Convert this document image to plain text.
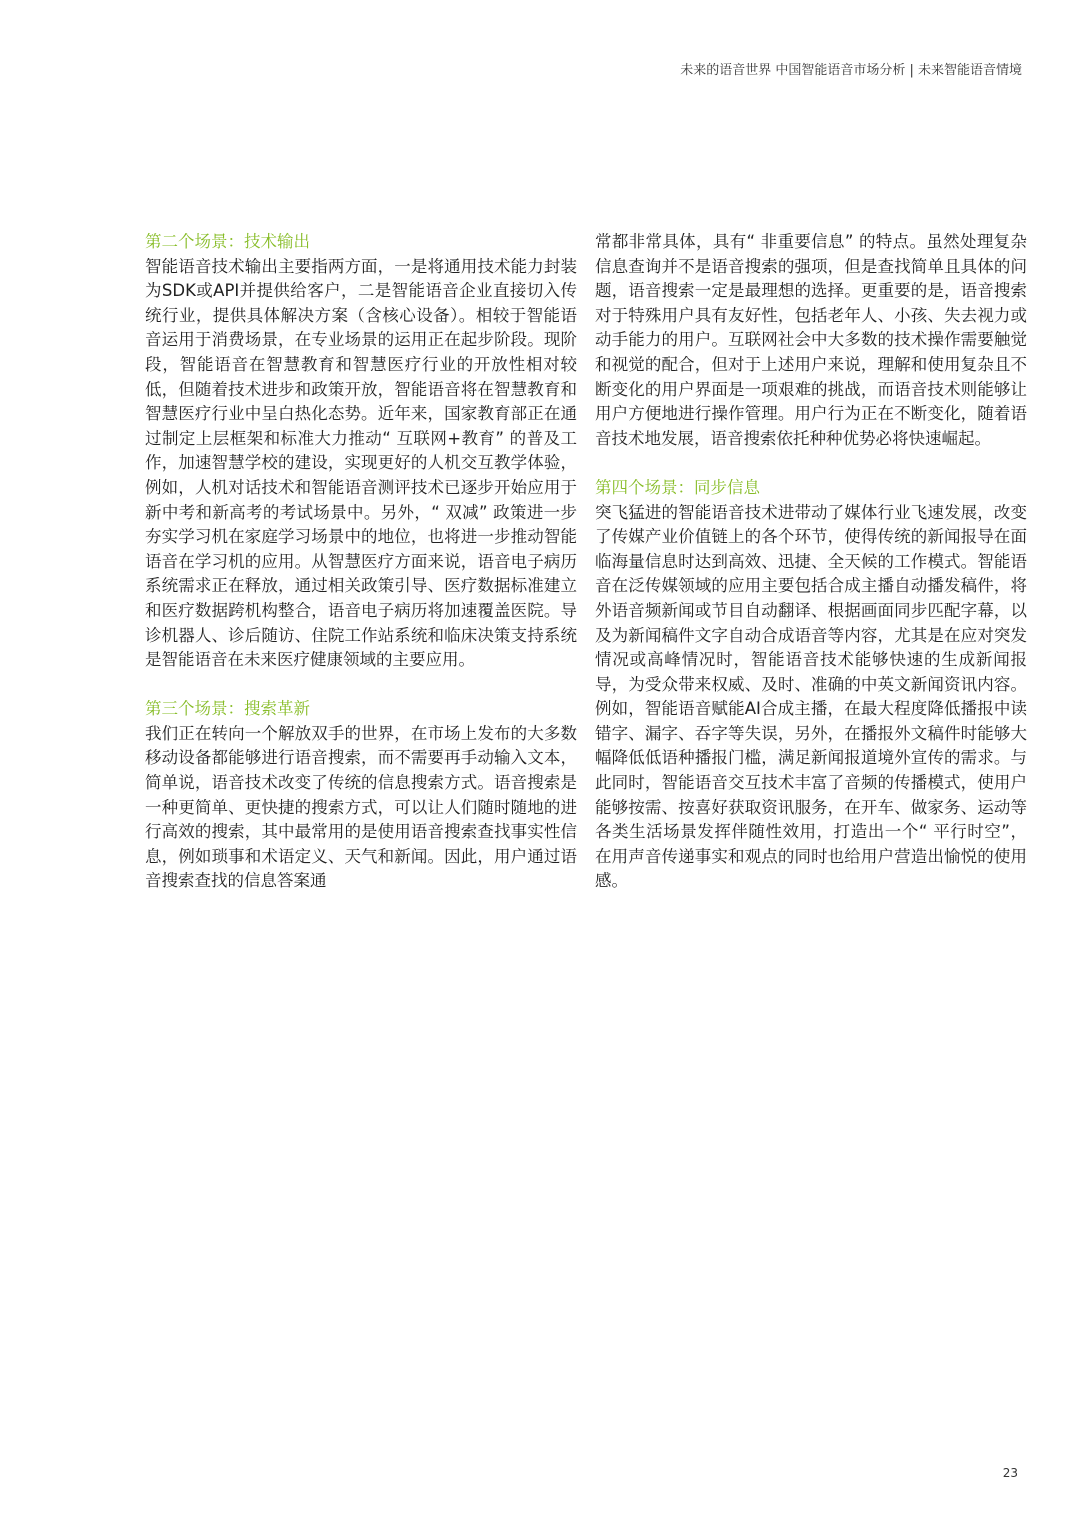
未来的语音世界 中国智能语音市场分析 | 未来智能语音情境

第二个场景：技术输出

智能语音技术输出主要指两方面，一是将通用技术能力封装为SDK或API并提供给客户，二是智能语音企业直接切入传统行业，提供具体解决方案（含核心设备）。相较于智能语音运用于消费场景，在专业场景的运用正在起步阶段。现阶段，智能语音在智慧教育和智慧医疗行业的开放性相对较低，但随着技术进步和政策开放，智能语音将在智慧教育和智慧医疗行业中呈白热化态势。近年来，国家教育部正在通过制定上层框架和标准大力推动“ 互联网+教育” 的普及工作，加速智慧学校的建设，实现更好的人机交互教学体验，例如，人机对话技术和智能语音测评技术已逐步开始应用于新中考和新高考的考试场景中。另外，“ 双减” 政策进一步夯实学习机在家庭学习场景中的地位，也将进一步推动智能语音在学习机的应用。从智慧医疗方面来说，语音电子病历系统需求正在释放，通过相关政策引导、医疗数据标准建立和医疗数据跨机构整合，语音电子病历将加速覆盖医院。导诊机器人、诊后随访、住院工作站系统和临床决策支持系统是智能语音在未来医疗健康领域的主要应用。

第三个场景：搜索革新

我们正在转向一个解放双手的世界，在市场上发布的大多数移动设备都能够进行语音搜索，而不需要再手动输入文本，简单说，语音技术改变了传统的信息搜索方式。语音搜索是一种更简单、更快捷的搜索方式，可以让人们随时随地的进行高效的搜索，其中最常用的是使用语音搜索查找事实性信息，例如琐事和术语定义、天气和新闻。因此，用户通过语音搜索查找的信息答案通

常都非常具体，具有“ 非重要信息” 的特点。虽然处理复杂信息查询并不是语音搜索的强项，但是查找简单且具体的问题，语音搜索一定是最理想的选择。更重要的是，语音搜索对于特殊用户具有友好性，包括老年人、小孩、失去视力或动手能力的用户。互联网社会中大多数的技术操作需要触觉和视觉的配合，但对于上述用户来说，理解和使用复杂且不断变化的用户界面是一项艰难的挑战，而语音技术则能够让用户方便地进行操作管理。用户行为正在不断变化，随着语音技术地发展，语音搜索依托种种优势必将快速崛起。

第四个场景：同步信息

突飞猛进的智能语音技术进带动了媒体行业飞速发展，改变了传媒产业价值链上的各个环节，使得传统的新闻报导在面临海量信息时达到高效、迅捷、全天候的工作模式。智能语音在泛传媒领域的应用主要包括合成主播自动播发稿件，将外语音频新闻或节目自动翻译、根据画面同步匹配字幕，以及为新闻稿件文字自动合成语音等内容，尤其是在应对突发情况或高峰情况时，智能语音技术能够快速的生成新闻报导，为受众带来权威、及时、准确的中英文新闻资讯内容。例如，智能语音赋能AI合成主播，在最大程度降低播报中读错字、漏字、吞字等失误，另外，在播报外文稿件时能够大幅降低低语种播报门槛，满足新闻报道境外宣传的需求。与此同时，智能语音交互技术丰富了音频的传播模式，使用户能够按需、按喜好获取资讯服务，在开车、做家务、运动等各类生活场景发挥伴随性效用，打造出一个“ 平行时空”， 在用声音传递事实和观点的同时也给用户营造出愉悦的使用感。

23
